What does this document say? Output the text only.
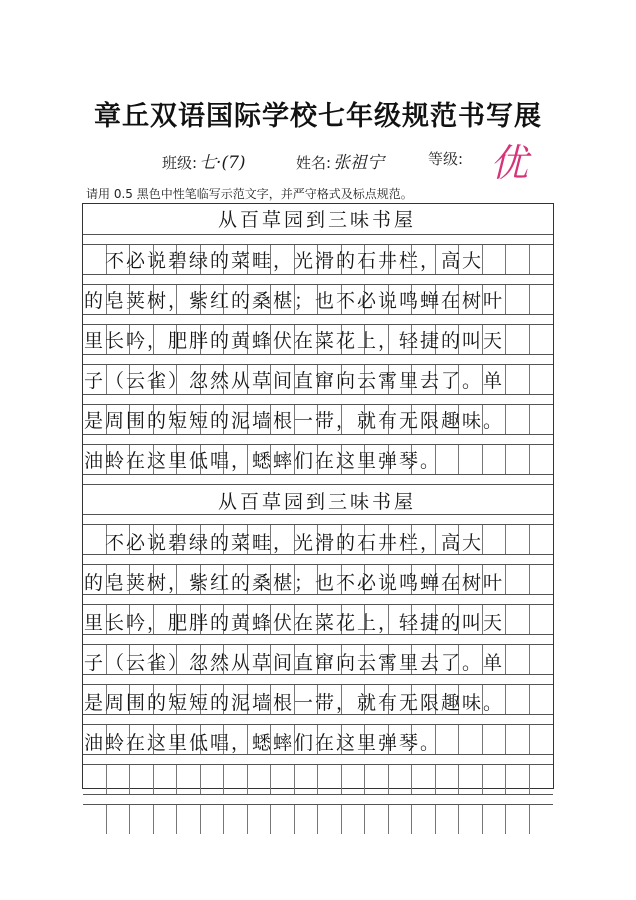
章丘双语国际学校七年级规范书写展
班级: 七·(7)	姓名: 张祖宁	等级: 优
请用 0.5 黑色中性笔临写示范文字，并严守格式及标点规范。
从百草园到三味书屋
　不必说碧绿的菜畦，光滑的石井栏，高大
的皂荚树，紫红的桑椹；也不必说鸣蝉在树叶
里长吟，肥胖的黄蜂伏在菜花上，轻捷的叫天
子（云雀）忽然从草间直窜向云霄里去了。单
是周围的短短的泥墙根一带，就有无限趣味。
油蛉在这里低唱，蟋蟀们在这里弹琴。
从百草园到三味书屋
　不必说碧绿的菜畦，光滑的石井栏，高大
的皂荚树，紫红的桑椹；也不必说鸣蝉在树叶
里长吟，肥胖的黄蜂伏在菜花上，轻捷的叫天
子（云雀）忽然从草间直窜向云霄里去了。单
是周围的短短的泥墙根一带，就有无限趣味。
油蛉在这里低唱，蟋蟀们在这里弹琴。
